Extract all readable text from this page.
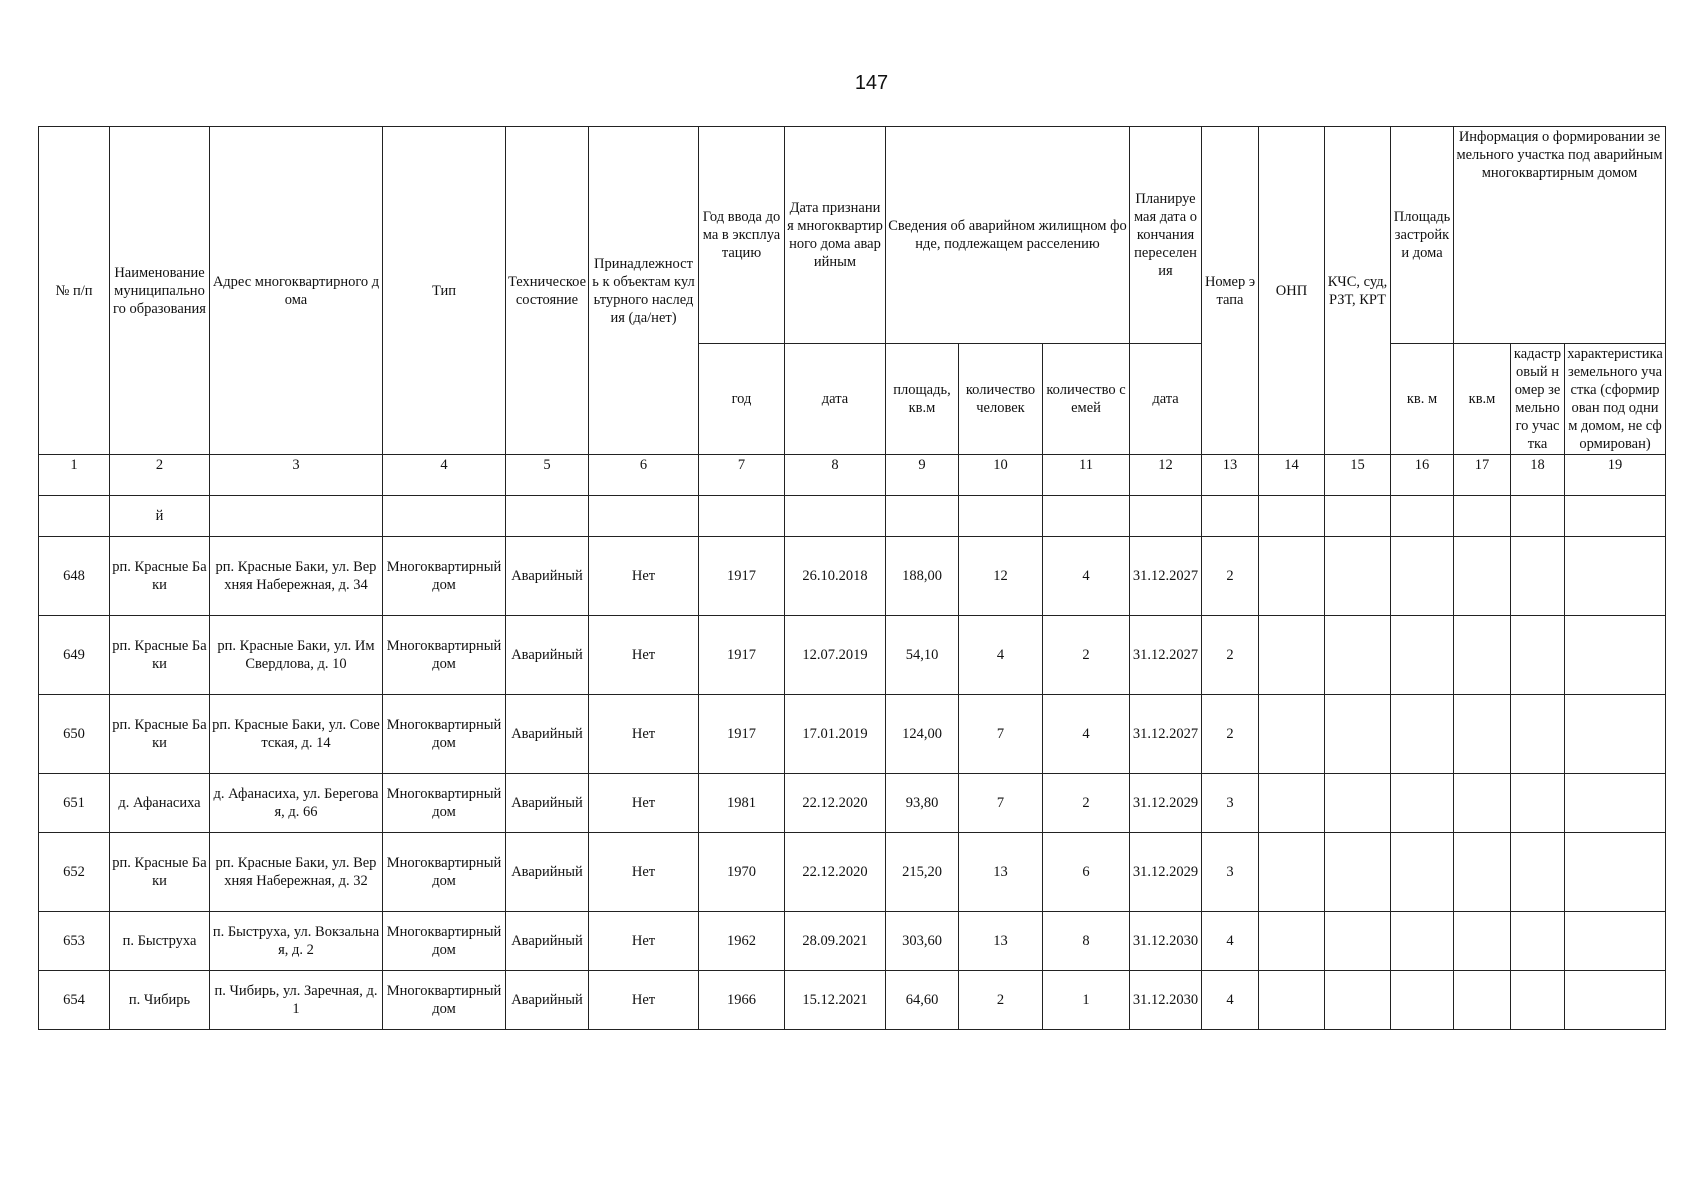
147
№ п/п	Наименование муниципального образования	Адрес многоквартирного дома	Тип	Техническое состояние	Принадлежность к объектам культурного наследия (да/нет)	Год ввода дома в эксплуатацию	Дата признания многоквартирного дома аварийным	Сведения об аварийном жилищном фонде, подлежащем расселению			Планируемая дата окончания переселения	Номер этапа	ОНП	КЧС, суд, РЗТ, КРТ	Площадь застройки дома	Информация о формировании земельного участка под аварийным многоквартирным домом		
						год	дата	площадь, кв.м	количество человек	количество семей	дата				кв. м	кв.м	кадастровый номер земельного участка	характеристика земельного участка (сформирован под одним домом, не сформирован)
1	2	3	4	5	6	7	8	9	10	11	12	13	14	15	16	17	18	19
	й																	
648	рп. Красные Баки	рп. Красные Баки, ул. Верхняя Набережная, д. 34	Многоквартирный дом	Аварийный	Нет	1917	26.10.2018	188,00	12	4	31.12.2027	2						
649	рп. Красные Баки	рп. Красные Баки, ул. Им Свердлова, д. 10	Многоквартирный дом	Аварийный	Нет	1917	12.07.2019	54,10	4	2	31.12.2027	2						
650	рп. Красные Баки	рп. Красные Баки, ул. Советская, д. 14	Многоквартирный дом	Аварийный	Нет	1917	17.01.2019	124,00	7	4	31.12.2027	2						
651	д. Афанасиха	д. Афанасиха, ул. Береговая, д. 66	Многоквартирный дом	Аварийный	Нет	1981	22.12.2020	93,80	7	2	31.12.2029	3						
652	рп. Красные Баки	рп. Красные Баки, ул. Верхняя Набережная, д. 32	Многоквартирный дом	Аварийный	Нет	1970	22.12.2020	215,20	13	6	31.12.2029	3						
653	п. Быструха	п. Быструха, ул. Вокзальная, д. 2	Многоквартирный дом	Аварийный	Нет	1962	28.09.2021	303,60	13	8	31.12.2030	4						
654	п. Чибирь	п. Чибирь, ул. Заречная, д. 1	Многоквартирный дом	Аварийный	Нет	1966	15.12.2021	64,60	2	1	31.12.2030	4						
